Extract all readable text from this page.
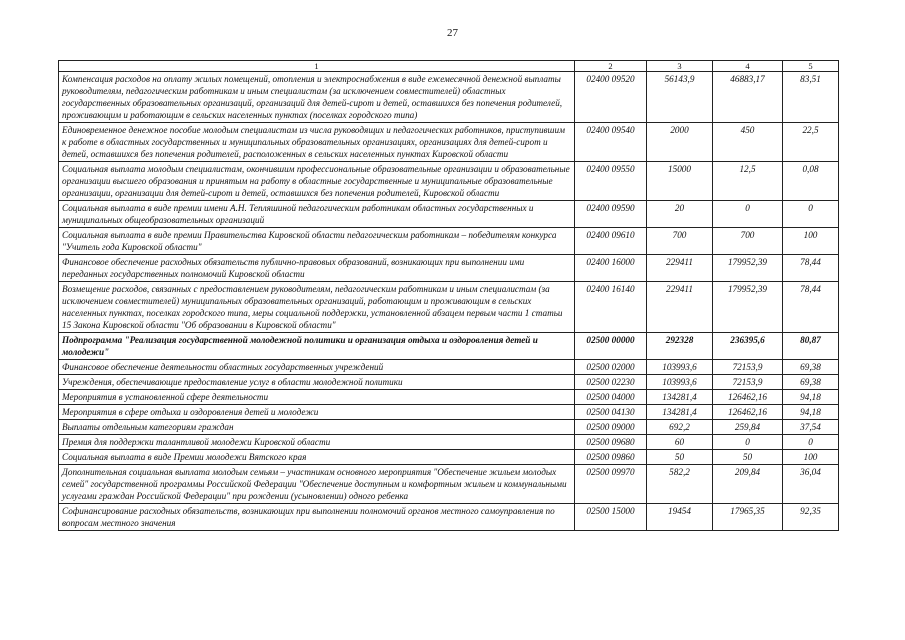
27
1	2	3	4	5
Компенсация расходов на оплату жилых помещений, отопления и электроснабжения в виде ежемесячной денежной выплаты руководителям, педагогическим работникам и иным специалистам (за исключением совместителей) областных государственных образовательных организаций, организаций для детей-сирот и детей, оставшихся без попечения родителей, проживающим и работающим в сельских населенных пунктах (поселках городского типа)	02400 09520	56143,9	46883,17	83,51
Единовременное денежное пособие молодым специалистам из числа руководящих и педагогических работников, приступившим к работе в областных государственных и муниципальных образовательных организациях, организациях для детей-сирот и детей, оставшихся без попечения родителей, расположенных в сельских населенных пунктах Кировской области	02400 09540	2000	450	22,5
Социальная выплата молодым специалистам, окончившим профессиональные образовательные организации и образовательные организации высшего образования и принятым на работу в областные государственные и муниципальные образовательные организации, организации для детей-сирот и детей, оставшихся без попечения родителей, Кировской области	02400 09550	15000	12,5	0,08
Социальная выплата в виде премии имени А.Н. Тепляшиной педагогическим работникам областных государственных и муниципальных общеобразовательных организаций	02400 09590	20	0	0
Социальная выплата в виде премии Правительства Кировской области педагогическим работникам – победителям конкурса "Учитель года Кировской области"	02400 09610	700	700	100
Финансовое обеспечение расходных обязательств публично-правовых образований, возникающих при выполнении ими переданных государственных полномочий Кировской области	02400 16000	229411	179952,39	78,44
Возмещение расходов, связанных с предоставлением руководителям, педагогическим работникам и иным специалистам (за исключением совместителей) муниципальных образовательных организаций, работающим и проживающим в сельских населенных пунктах, поселках городского типа, меры социальной поддержки, установленной абзацем первым части 1 статьи 15 Закона Кировской области "Об образовании в Кировской области"	02400 16140	229411	179952,39	78,44
Подпрограмма "Реализация государственной молодежной политики и организация отдыха и оздоровления детей и молодежи"	02500 00000	292328	236395,6	80,87
Финансовое обеспечение деятельности областных государственных учреждений	02500 02000	103993,6	72153,9	69,38
Учреждения, обеспечивающие предоставление услуг в области молодежной политики	02500 02230	103993,6	72153,9	69,38
Мероприятия в установленной сфере деятельности	02500 04000	134281,4	126462,16	94,18
Мероприятия в сфере отдыха и оздоровления детей и молодежи	02500 04130	134281,4	126462,16	94,18
Выплаты отдельным категориям граждан	02500 09000	692,2	259,84	37,54
Премия для поддержки талантливой молодежи Кировской области	02500 09680	60	0	0
Социальная выплата в виде Премии молодежи Вятского края	02500 09860	50	50	100
Дополнительная социальная выплата молодым семьям – участникам основного мероприятия "Обеспечение жильем молодых семей" государственной программы Российской Федерации "Обеспечение доступным и комфортным жильем и коммунальными услугами граждан Российской Федерации" при рождении (усыновлении) одного ребенка	02500 09970	582,2	209,84	36,04
Софинансирование расходных обязательств, возникающих при выполнении полномочий органов местного самоуправления по вопросам местного значения	02500 15000	19454	17965,35	92,35
